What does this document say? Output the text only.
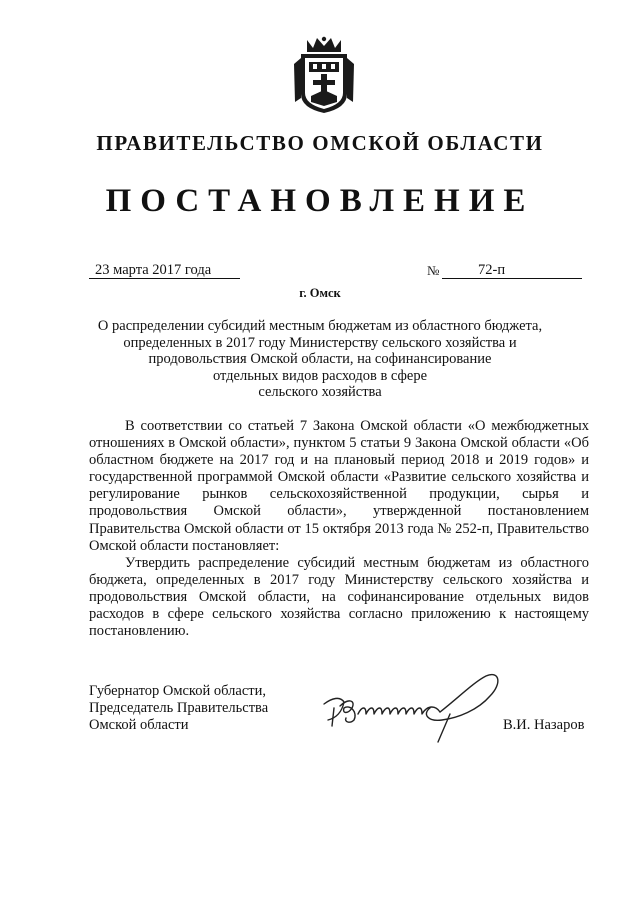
ПРАВИТЕЛЬСТВО ОМСКОЙ ОБЛАСТИ
ПОСТАНОВЛЕНИЕ
23 марта 2017 года	№	72-п
г. Омск
О распределении субсидий местным бюджетам из областного бюджета,
определенных в 2017 году Министерству сельского хозяйства и
продовольствия Омской области, на софинансирование
отдельных видов расходов в сфере
сельского хозяйства

В соответствии со статьей 7 Закона Омской области «О межбюджетных отношениях в Омской области», пунктом 5 статьи 9 Закона Омской области «Об областном бюджете на 2017 год и на плановый период 2018 и 2019 годов» и государственной программой Омской области «Развитие сельского хозяйства и регулирование рынков сельскохозяйственной продукции, сырья и продовольствия Омской области», утвержденной постановлением Правительства Омской области от 15 октября 2013 года № 252-п, Правительство Омской области постановляет:

Утвердить распределение субсидий местным бюджетам из областного бюджета, определенных в 2017 году Министерству сельского хозяйства и продовольствия Омской области, на софинансирование отдельных видов расходов в сфере сельского хозяйства согласно приложению к настоящему постановлению.

Губернатор Омской области,
Председатель Правительства
Омской области	В.И. Назаров
